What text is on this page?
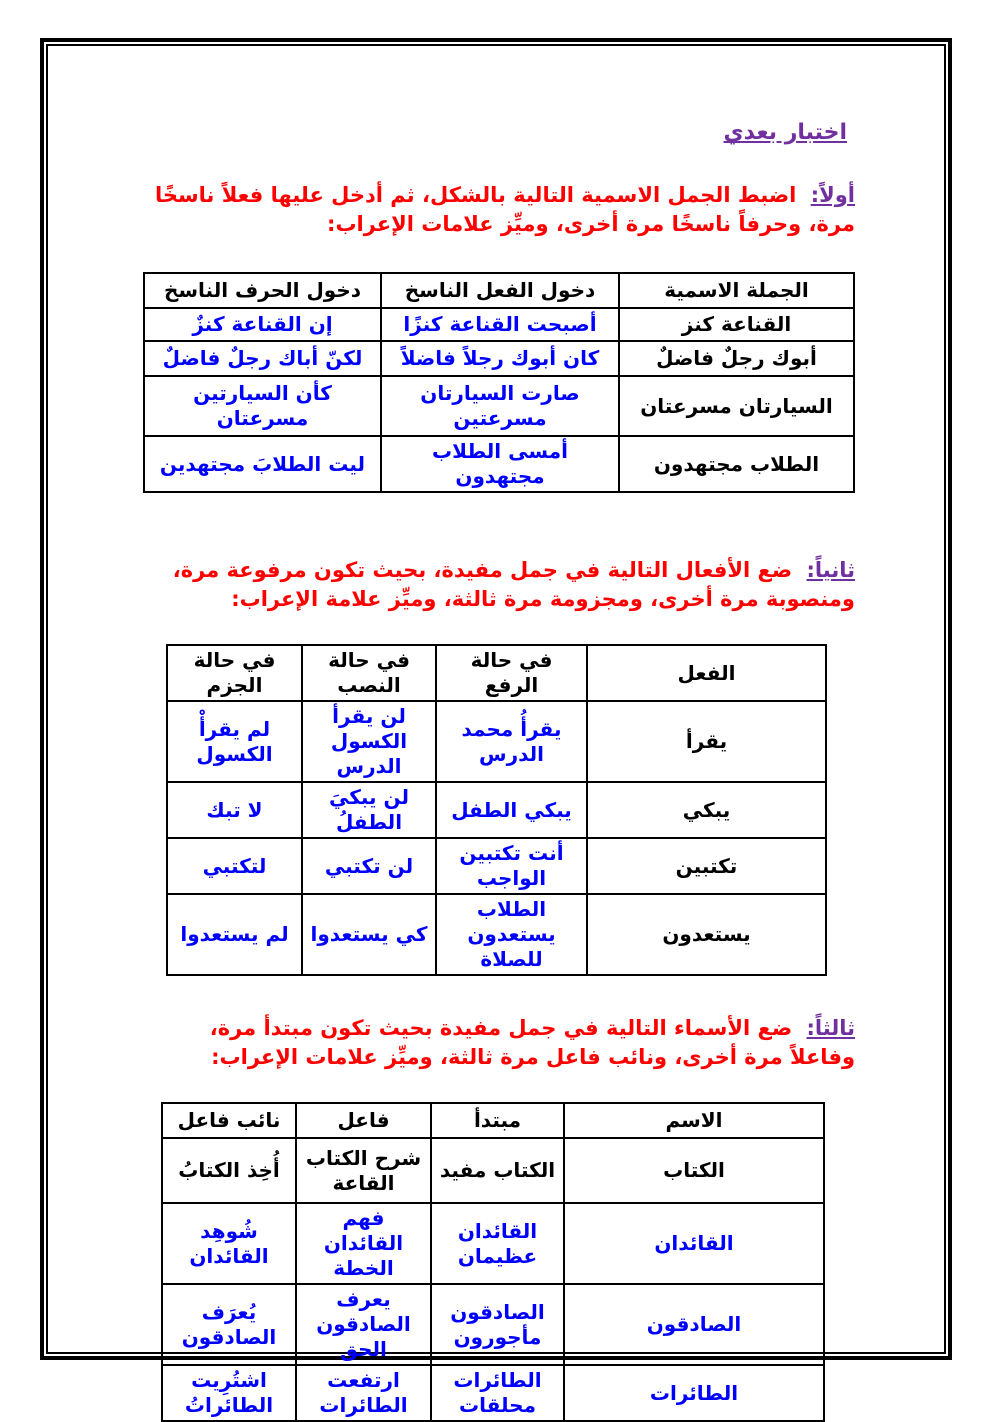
اختبار بعدي

أولاً: اضبط الجمل الاسمية التالية بالشكل، ثم أدخل عليها فعلاً ناسخًا مرة، وحرفاً ناسخًا مرة أخرى، وميِّز علامات الإعراب:

الجملة الاسمية	دخول الفعل الناسخ	دخول الحرف الناسخ
القناعة كنز	أصبحت القناعة كنزًا	إن القناعة كنزٌ
أبوك رجلٌ فاضلٌ	كان أبوك رجلاً فاضلاً	لكنّ أباك رجلٌ فاضلٌ
السيارتان مسرعتان	صارت السيارتان مسرعتين	كأن السيارتين مسرعتان
الطلاب مجتهدون	أمسى الطلاب مجتهدون	ليت الطلابَ مجتهدين

ثانياً: ضع الأفعال التالية في جمل مفيدة، بحيث تكون مرفوعة مرة، ومنصوبة مرة أخرى، ومجزومة مرة ثالثة، وميِّز علامة الإعراب:

الفعل	في حالة الرفع	في حالة النصب	في حالة الجزم
يقرأ	يقرأُ محمد الدرس	لن يقرأ الكسول الدرس	لم يقرأْ الكسول
يبكي	يبكي الطفل	لن يبكيَ الطفلُ	لا تبك
تكتبين	أنت تكتبين الواجب	لن تكتبي	لتكتبي
يستعدون	الطلاب يستعدون للصلاة	كي يستعدوا	لم يستعدوا

ثالثاً: ضع الأسماء التالية في جمل مفيدة بحيث تكون مبتدأ مرة، وفاعلاً مرة أخرى، ونائب فاعل مرة ثالثة، وميِّز علامات الإعراب:

الاسم	مبتدأ	فاعل	نائب فاعل
الكتاب	الكتاب مفيد	شرح الكتاب القاعة	أُخِذ الكتابُ
القائدان	القائدان عظيمان	فهم القائدان الخطة	شُوهِد القائدان
الصادقون	الصادقون مأجورون	يعرف الصادقون الحق	يُعرَف الصادقون
الطائرات	الطائرات محلقات	ارتفعت الطائرات	اشتُرِيت الطائراتُ
